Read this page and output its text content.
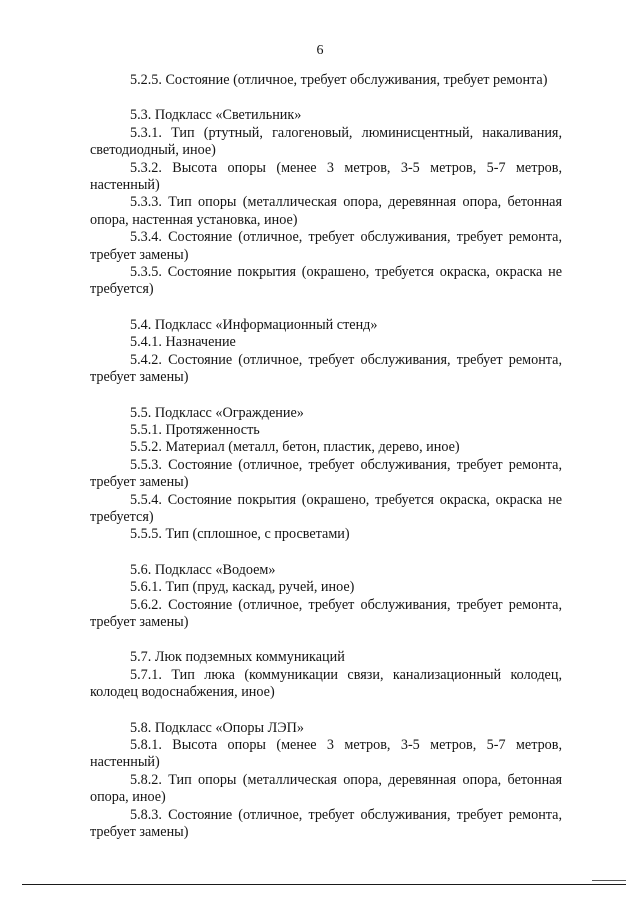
6

5.2.5. Состояние (отличное, требует обслуживания, требует ремонта)

5.3. Подкласс «Светильник»

5.3.1. Тип (ртутный, галогеновый, люминисцентный, накаливания, светодиодный, иное)

5.3.2. Высота опоры (менее 3 метров, 3-5 метров, 5-7 метров, настенный)

5.3.3. Тип опоры (металлическая опора, деревянная опора, бетонная опора, настенная установка, иное)

5.3.4. Состояние (отличное, требует обслуживания, требует ремонта, требует замены)

5.3.5. Состояние покрытия (окрашено, требуется окраска, окраска не требуется)

5.4. Подкласс «Информационный стенд»

5.4.1. Назначение

5.4.2. Состояние (отличное, требует обслуживания, требует ремонта, требует замены)

5.5. Подкласс «Ограждение»

5.5.1. Протяженность

5.5.2. Материал (металл, бетон, пластик, дерево, иное)

5.5.3. Состояние (отличное, требует обслуживания, требует ремонта, требует замены)

5.5.4. Состояние покрытия (окрашено, требуется окраска, окраска не требуется)

5.5.5. Тип (сплошное, с просветами)

5.6. Подкласс «Водоем»

5.6.1. Тип (пруд, каскад, ручей, иное)

5.6.2. Состояние (отличное, требует обслуживания, требует ремонта, требует замены)

5.7. Люк подземных коммуникаций

5.7.1. Тип люка (коммуникации связи, канализационный колодец, колодец водоснабжения, иное)

5.8. Подкласс «Опоры ЛЭП»

5.8.1. Высота опоры (менее 3 метров, 3-5 метров, 5-7 метров, настенный)

5.8.2. Тип опоры (металлическая опора, деревянная опора, бетонная опора, иное)

5.8.3. Состояние (отличное, требует обслуживания, требует ремонта, требует замены)
